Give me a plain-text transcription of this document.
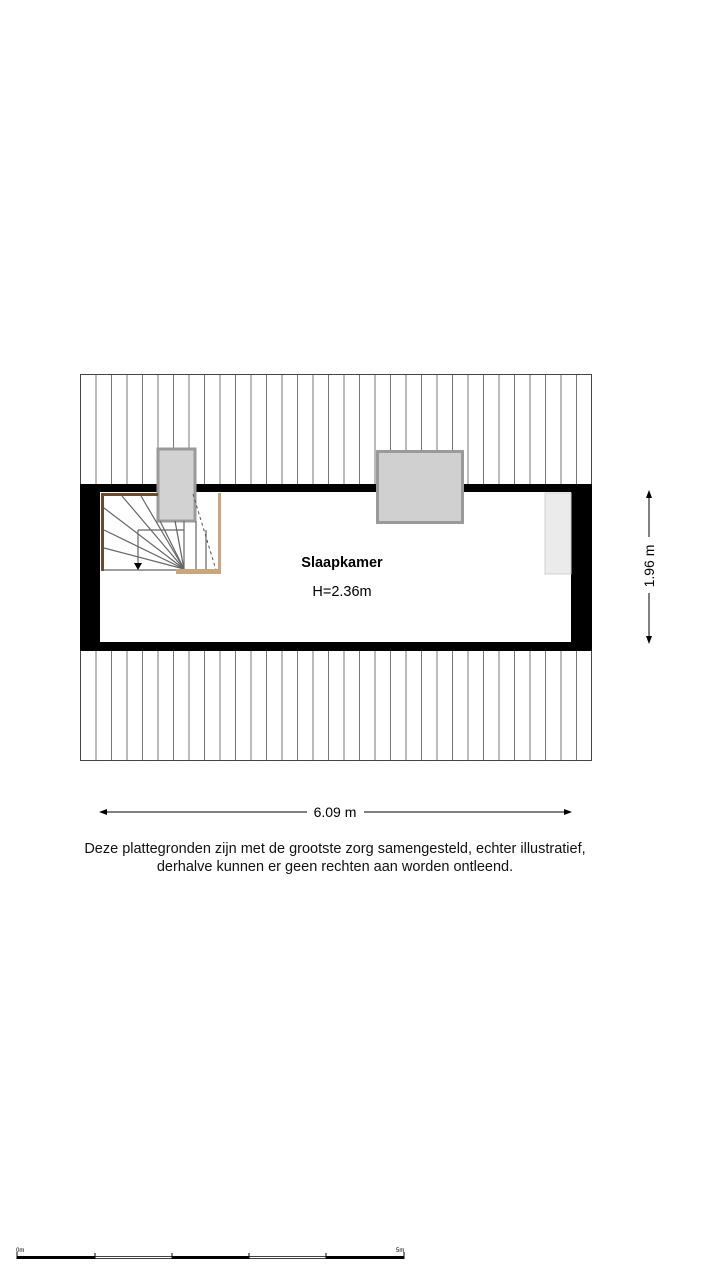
Slaapkamer
H=2.36m
6.09 m
1.96 m
0m	5m
Deze plattegronden zijn met de grootste zorg samengesteld, echter illustratief,
derhalve kunnen er geen rechten aan worden ontleend.
